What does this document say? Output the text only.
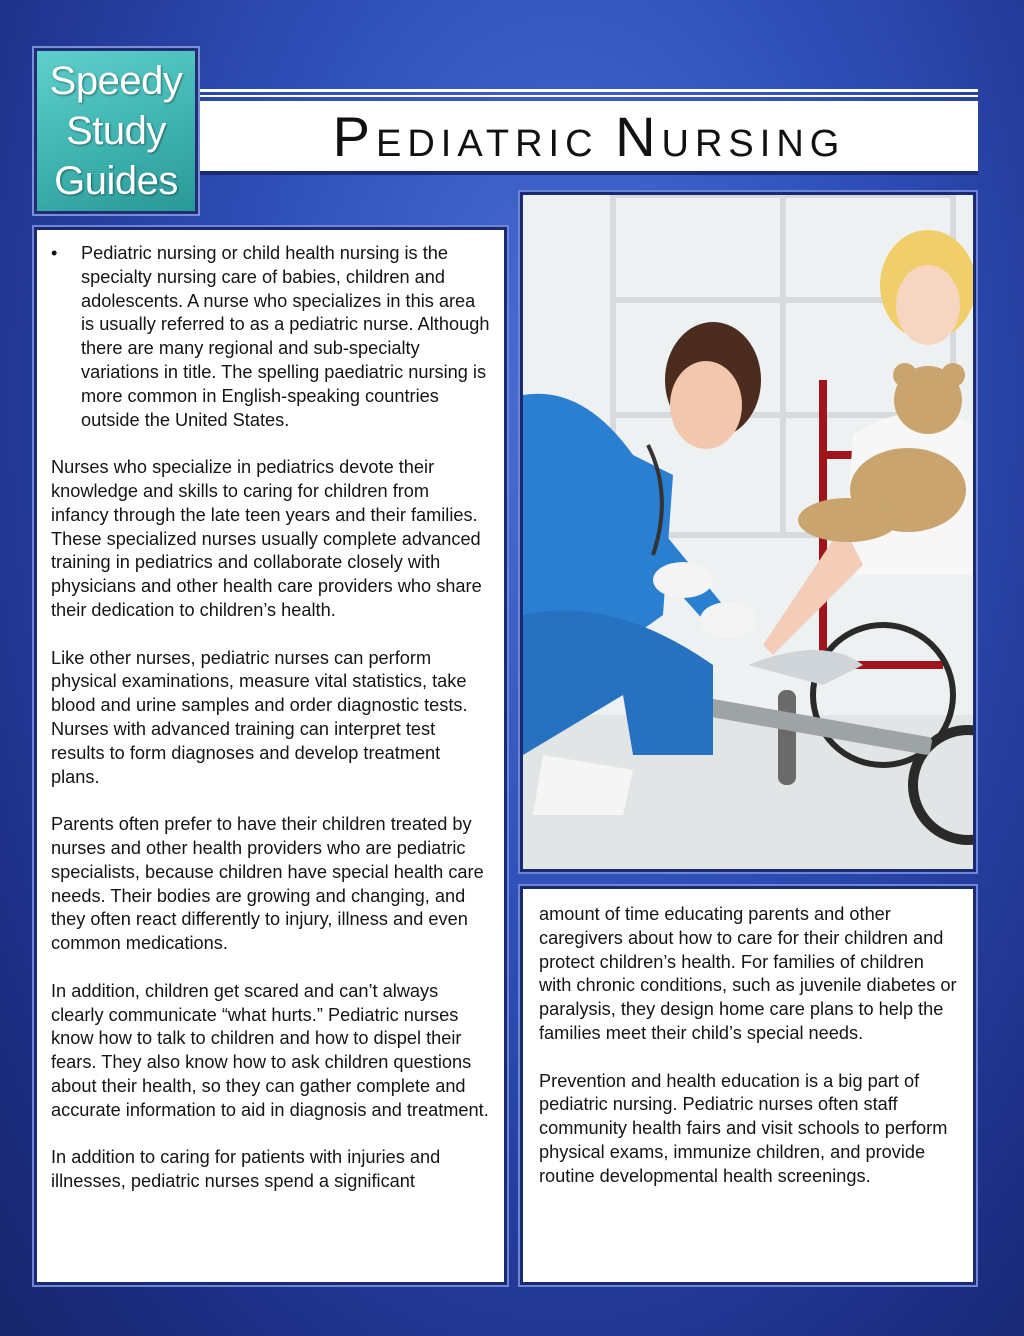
Speedy
Study
Guides
PEDIATRIC NURSING
•	Pediatric nursing or child health nursing is the specialty nursing care of babies, children and adolescents. A nurse who specializes in this area is usually referred to as a pediatric nurse. Although there are many regional and sub-specialty variations in title. The spelling paediatric nursing is more common in English-speaking countries outside the United States.

Nurses who specialize in pediatrics devote their knowledge and skills to caring for children from infancy through the late teen years and their families. These specialized nurses usually complete advanced training in pediatrics and collaborate closely with physicians and other health care providers who share their dedication to children’s health.

Like other nurses, pediatric nurses can perform physical examinations, measure vital statistics, take blood and urine samples and order diagnostic tests. Nurses with advanced training can interpret test results to form diagnoses and develop treatment plans.

Parents often prefer to have their children treated by nurses and other health providers who are pediatric specialists, because children have special health care needs. Their bodies are growing and changing, and they often react differently to injury, illness and even common medications.

In addition, children get scared and can’t always clearly communicate “what hurts.” Pediatric nurses know how to talk to children and how to dispel their fears. They also know how to ask children questions about their health, so they can gather complete and accurate information to aid in diagnosis and treatment.

In addition to caring for patients with injuries and illnesses, pediatric nurses spend a significant

amount of time educating parents and other caregivers about how to care for their children and protect children’s health. For families of children with chronic conditions, such as juvenile diabetes or paralysis, they design home care plans to help the families meet their child’s special needs.

Prevention and health education is a big part of pediatric nursing. Pediatric nurses often staff community health fairs and visit schools to perform physical exams, immunize children, and provide routine developmental health screenings.
